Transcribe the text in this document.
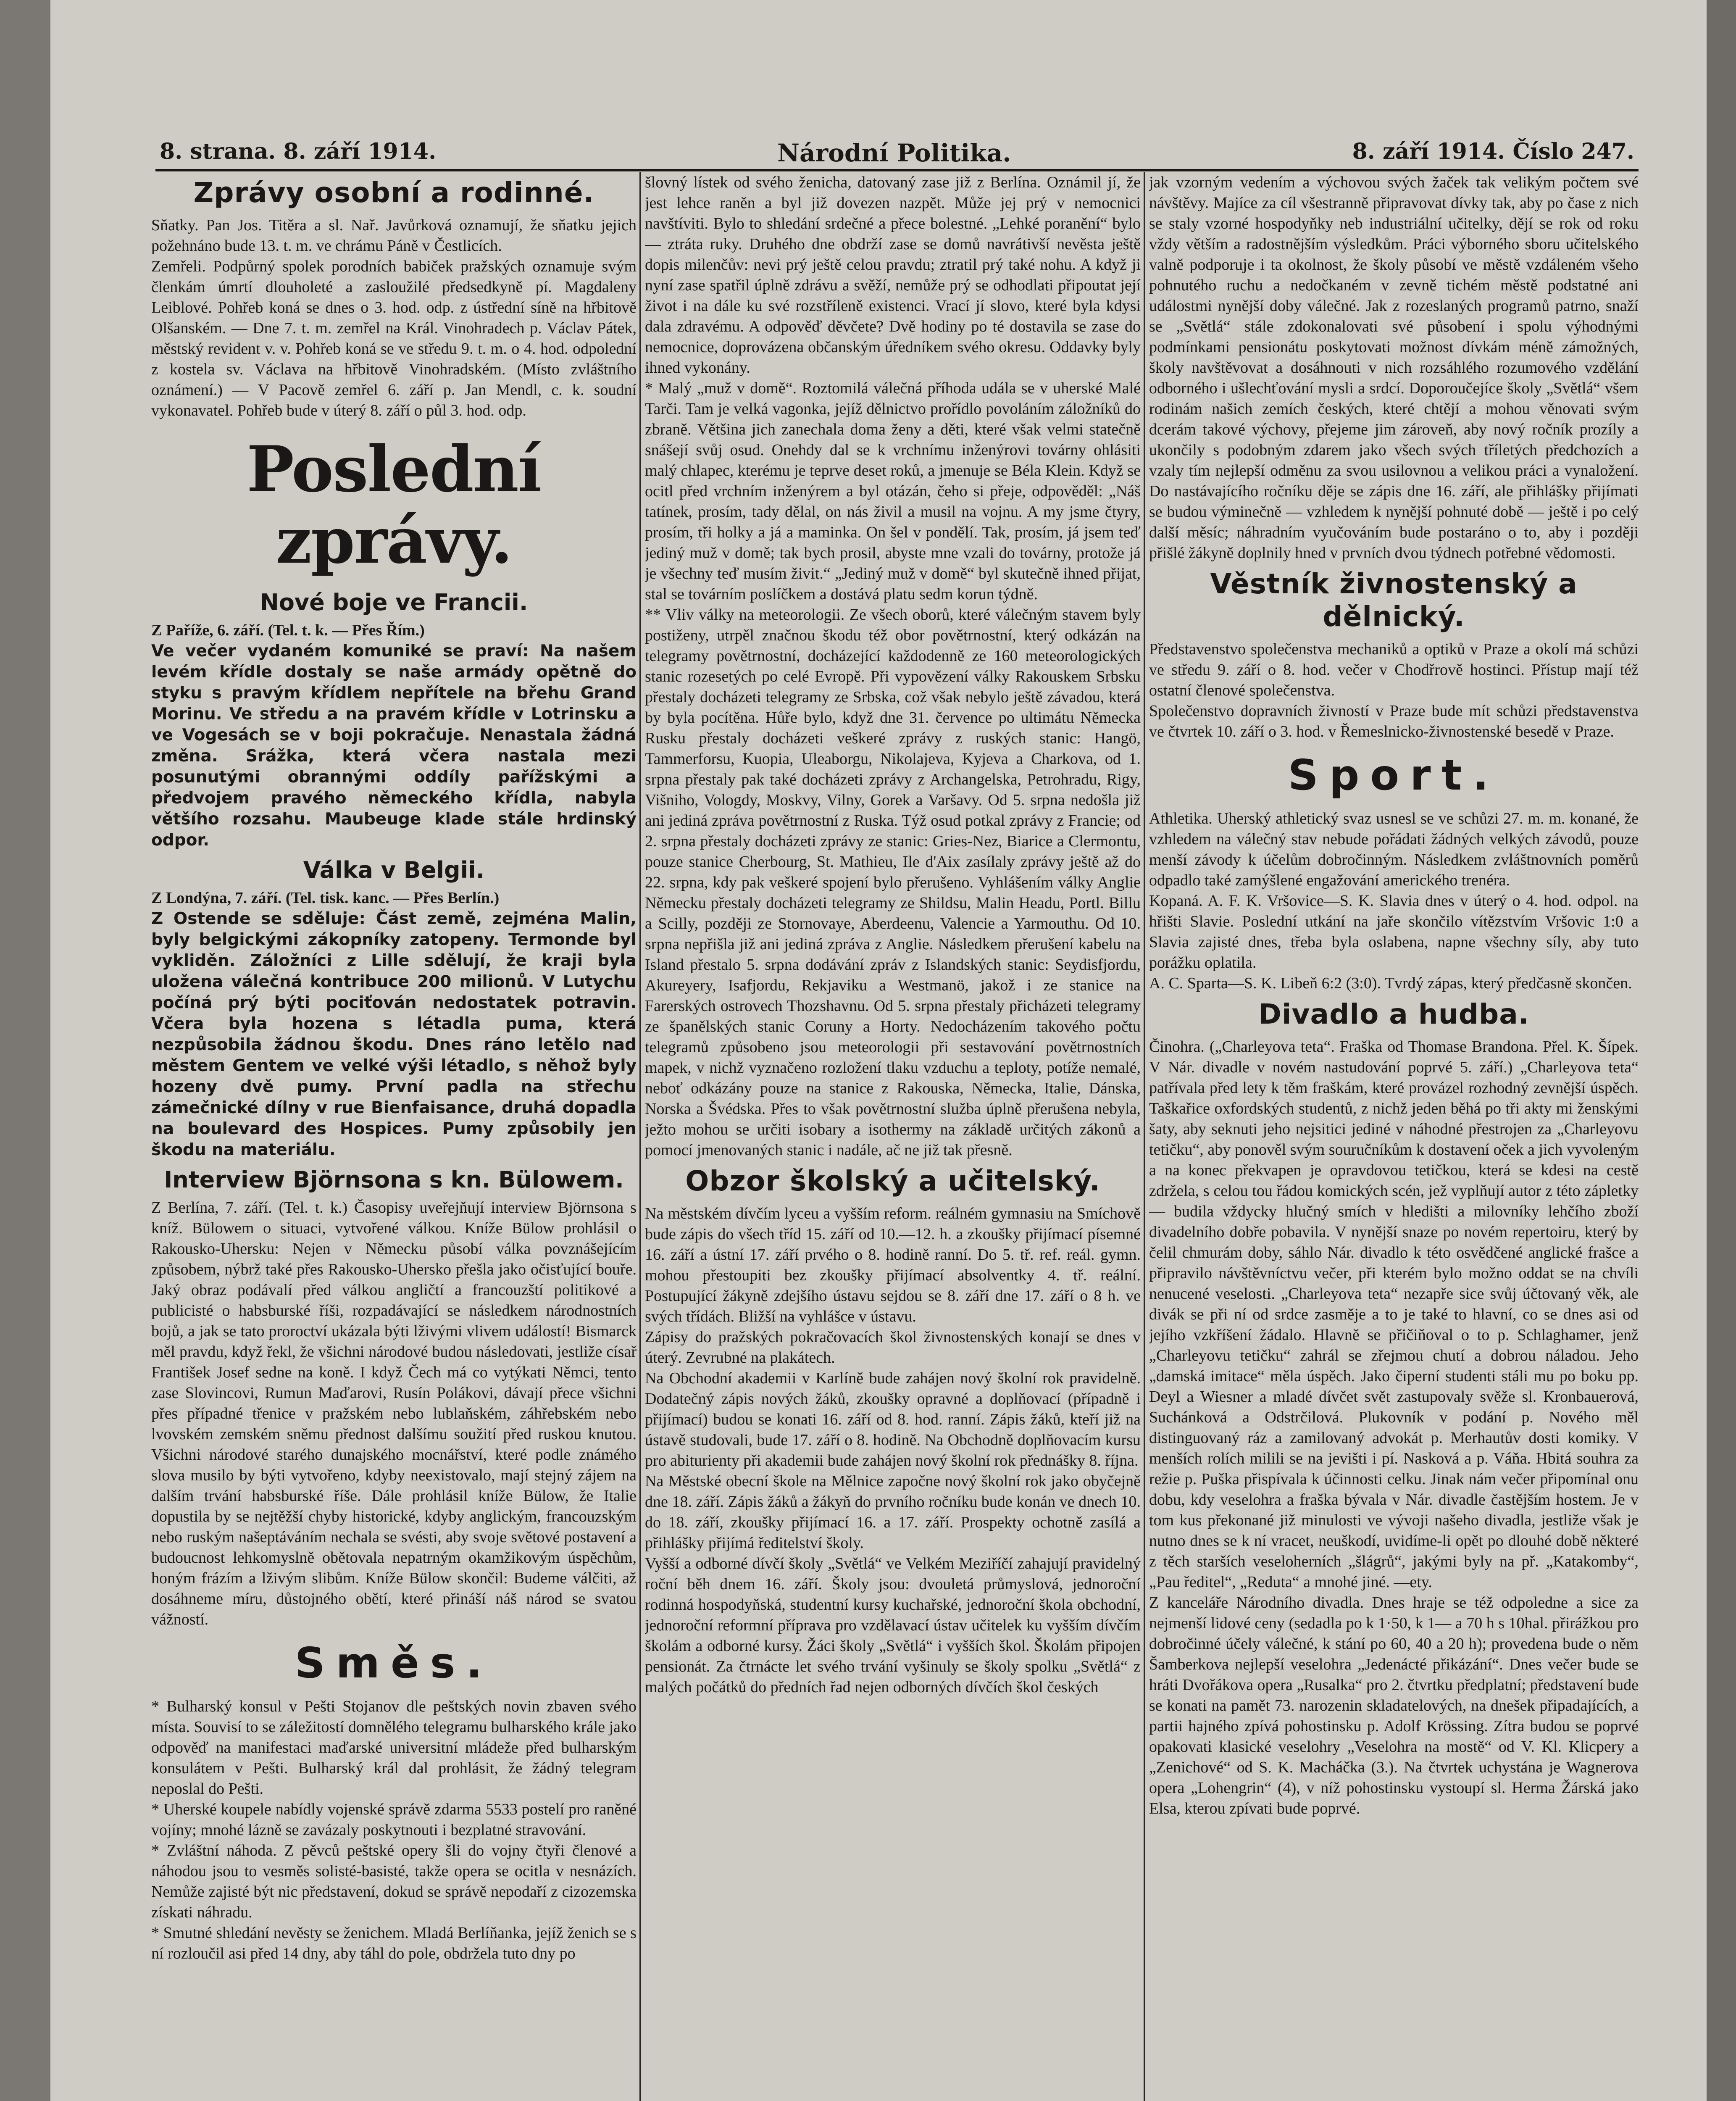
8. strana. 8. září 1914.	Národní Politika.	8. září 1914. Číslo 247.
Zprávy osobní a rodinné.

Sňatky. Pan Jos. Titěra a sl. Nař. Javůrková oznamují, že sňatku jejich požehnáno bude 13. t. m. ve chrámu Páně v Čestlicích.

Zemřeli. Podpůrný spolek porodních babiček pražských oznamuje svým členkám úmrtí dlouholeté a zasloužilé předsedkyně pí. Magdaleny Leiblové. Pohřeb koná se dnes o 3. hod. odp. z ústřední síně na hřbitově Olšanském. — Dne 7. t. m. zemřel na Král. Vinohradech p. Václav Pátek, městský revident v. v. Pohřeb koná se ve středu 9. t. m. o 4. hod. odpolední z kostela sv. Václava na hřbitově Vinohradském. (Místo zvláštního oznámení.) — V Pacově zemřel 6. září p. Jan Mendl, c. k. soudní vykonavatel. Pohřeb bude v úterý 8. září o půl 3. hod. odp.

Poslední zprávy.
Nové boje ve Francii.

Z Paříže, 6. září. (Tel. t. k. — Přes Řím.)

Ve večer vydaném komuniké se praví: Na našem levém křídle dostaly se naše armády opětně do styku s pravým křídlem nepřítele na břehu Grand Morinu. Ve středu a na pravém křídle v Lotrinsku a ve Vogesách se v boji pokračuje. Nenastala žádná změna. Srážka, která včera nastala mezi posunutými obrannými oddíly pařížskými a předvojem pravého německého křídla, nabyla většího rozsahu. Maubeuge klade stále hrdinský odpor.

Válka v Belgii.

Z Londýna, 7. září. (Tel. tisk. kanc. — Přes Berlín.)

Z Ostende se sděluje: Část země, zejména Malin, byly belgickými zákopníky zatopeny. Termonde byl vykliděn. Záložníci z Lille sdělují, že kraji byla uložena válečná kontribuce 200 milionů. V Lutychu počíná prý býti pociťován nedostatek potravin. Včera byla hozena s létadla puma, která nezpůsobila žádnou škodu. Dnes ráno letělo nad městem Gentem ve velké výši létadlo, s něhož byly hozeny dvě pumy. První padla na střechu zámečnické dílny v rue Bienfaisance, druhá dopadla na boulevard des Hospices. Pumy způsobily jen škodu na materiálu.

Interview Björnsona s kn. Bülowem.

Z Berlína, 7. září. (Tel. t. k.) Časopisy uveřejňují interview Björnsona s kníž. Bülowem o situaci, vytvořené válkou. Kníže Bülow prohlásil o Rakousko-Uhersku: Nejen v Německu působí válka povznášejícím způsobem, nýbrž také přes Rakousko-Uhersko přešla jako očisťující bouře. Jaký obraz podávalí před válkou angličtí a francouzští politikové a publicisté o habsburské říši, rozpadávající se následkem národnostních bojů, a jak se tato proroctví ukázala býti lživými vlivem událostí! Bismarck měl pravdu, když řekl, že všichni národové budou následovati, jestliže císař František Josef sedne na koně. I když Čech má co vytýkati Němci, tento zase Slovincovi, Rumun Maďarovi, Rusín Polákovi, dávají přece všichni přes případné třenice v pražském nebo lublaňském, záhřebském nebo lvovském zemském sněmu přednost dalšímu soužití před ruskou knutou. Všichni národové starého dunajského mocnářství, které podle známého slova musilo by býti vytvořeno, kdyby neexistovalo, mají stejný zájem na dalším trvání habsburské říše. Dále prohlásil kníže Bülow, že Italie dopustila by se nejtěžší chyby historické, kdyby anglickým, francouzským nebo ruským našeptáváním nechala se svésti, aby svoje světové postavení a budoucnost lehkomyslně obětovala nepatrným okamžikovým úspěchům, honým frázím a lživým slibům. Kníže Bülow skončil: Budeme válčiti, až dosáhneme míru, důstojného obětí, které přináší náš národ se svatou vážností.

Směs.

* Bulharský konsul v Pešti Stojanov dle peštských novin zbaven svého místa. Souvisí to se záležitostí domnělého telegramu bulharského krále jako odpověď na manifestaci maďarské universitní mládeže před bulharským konsulátem v Pešti. Bulharský král dal prohlásit, že žádný telegram neposlal do Pešti.

* Uherské koupele nabídly vojenské správě zdarma 5533 postelí pro raněné vojíny; mnohé lázně se zavázaly poskytnouti i bezplatné stravování.

* Zvláštní náhoda. Z pěvců peštské opery šli do vojny čtyři členové a náhodou jsou to vesměs solisté-basisté, takže opera se ocitla v nesnázích. Nemůže zajisté být nic představení, dokud se správě nepodaří z cizozemska získati náhradu.

* Smutné shledání nevěsty se ženichem. Mladá Berlíňanka, jejíž ženich se s ní rozloučil asi před 14 dny, aby táhl do pole, obdržela tuto dny po

šlovný lístek od svého ženicha, datovaný zase již z Berlína. Oznámil jí, že jest lehce raněn a byl již dovezen nazpět. Může jej prý v nemocnici navštíviti. Bylo to shledání srdečné a přece bolestné. „Lehké poranění“ bylo — ztráta ruky. Druhého dne obdrží zase se domů navrátivší nevěsta ještě dopis milenčův: nevi prý ještě celou pravdu; ztratil prý také nohu. A když ji nyní zase spatřil úplně zdrávu a svěží, nemůže prý se odhodlati připoutat její život i na dále ku své rozstříleně existenci. Vrací jí slovo, které byla kdysi dala zdravému. A odpověď děvčete? Dvě hodiny po té dostavila se zase do nemocnice, doprovázena občanským úředníkem svého okresu. Oddavky byly ihned vykonány.

* Malý „muž v domě“. Roztomilá válečná příhoda udála se v uherské Malé Tarči. Tam je velká vagonka, jejíž dělnictvo prořídlo povoláním záložníků do zbraně. Většina jich zanechala doma ženy a děti, které však velmi statečně snášejí svůj osud. Onehdy dal se k vrchnímu inženýrovi továrny ohlásiti malý chlapec, kterému je teprve deset roků, a jmenuje se Béla Klein. Když se ocitl před vrchním inženýrem a byl otázán, čeho si přeje, odpověděl: „Náš tatínek, prosím, tady dělal, on nás živil a musil na vojnu. A my jsme čtyry, prosím, tři holky a já a maminka. On šel v pondělí. Tak, prosím, já jsem teď jediný muž v domě; tak bych prosil, abyste mne vzali do továrny, protože já je všechny teď musím živit.“ „Jediný muž v domě“ byl skutečně ihned přijat, stal se továrním poslíčkem a dostává platu sedm korun týdně.

** Vliv války na meteorologii. Ze všech oborů, které válečným stavem byly postiženy, utrpěl značnou škodu též obor povětrnostní, který odkázán na telegramy povětrnostní, docházející každodenně ze 160 meteorologických stanic rozesetých po celé Evropě. Při vypovězení války Rakouskem Srbsku přestaly docházeti telegramy ze Srbska, což však nebylo ještě závadou, která by byla pocítěna. Hůře bylo, když dne 31. července po ultimátu Německa Rusku přestaly docházeti veškeré zprávy z ruských stanic: Hangö, Tammerforsu, Kuopia, Uleaborgu, Nikolajeva, Kyjeva a Charkova, od 1. srpna přestaly pak také docházeti zprávy z Archangelska, Petrohradu, Rigy, Višniho, Vologdy, Moskvy, Vilny, Gorek a Varšavy. Od 5. srpna nedošla již ani jediná zpráva povětrnostní z Ruska. Týž osud potkal zprávy z Francie; od 2. srpna přestaly docházeti zprávy ze stanic: Gries-Nez, Biarice a Clermontu, pouze stanice Cherbourg, St. Mathieu, Ile d'Aix zasílaly zprávy ještě až do 22. srpna, kdy pak veškeré spojení bylo přerušeno. Vyhlášením války Anglie Německu přestaly docházeti telegramy ze Shildsu, Malin Headu, Portl. Billu a Scilly, později ze Stornovaye, Aberdeenu, Valencie a Yarmouthu. Od 10. srpna nepřišla již ani jediná zpráva z Anglie. Následkem přerušení kabelu na Island přestalo 5. srpna dodávání zpráv z Islandských stanic: Seydisfjordu, Akureyery, Isafjordu, Rekjaviku a Westmanö, jakož i ze stanice na Farerských ostrovech Thozshavnu. Od 5. srpna přestaly přicházeti telegramy ze španělských stanic Coruny a Horty. Nedocházením takového počtu telegramů způsobeno jsou meteorologii při sestavování povětrnostních mapek, v nichž vyznačeno rozložení tlaku vzduchu a teploty, potíže nemalé, neboť odkázány pouze na stanice z Rakouska, Německa, Italie, Dánska, Norska a Švédska. Přes to však povětrnostní služba úplně přerušena nebyla, ježto mohou se určiti isobary a isothermy na základě určitých zákonů a pomocí jmenovaných stanic i nadále, ač ne již tak přesně.

Obzor školský a učitelský.

Na městském dívčím lyceu a vyšším reform. reálném gymnasiu na Smíchově bude zápis do všech tříd 15. září od 10.—12. h. a zkoušky přijímací písemné 16. září a ústní 17. září prvého o 8. hodině ranní. Do 5. tř. ref. reál. gymn. mohou přestoupiti bez zkoušky přijímací absolventky 4. tř. reální. Postupující žákyně zdejšího ústavu sejdou se 8. září dne 17. září o 8 h. ve svých třídách. Bližší na vyhlášce v ústavu.

Zápisy do pražských pokračovacích škol živnostenských konají se dnes v úterý. Zevrubné na plakátech.

Na Obchodní akademii v Karlíně bude zahájen nový školní rok pravidelně. Dodatečný zápis nových žáků, zkoušky opravné a doplňovací (případně i přijímací) budou se konati 16. září od 8. hod. ranní. Zápis žáků, kteří již na ústavě studovali, bude 17. září o 8. hodině. Na Obchodně doplňovacím kursu pro abiturienty při akademii bude zahájen nový školní rok přednášky 8. října.

Na Městské obecní škole na Mělnice započne nový školní rok jako obyčejně dne 18. září. Zápis žáků a žákyň do prvního ročníku bude konán ve dnech 10. do 18. září, zkoušky přijímací 16. a 17. září. Prospekty ochotně zasílá a přihlášky přijímá ředitelství školy.

Vyšší a odborné dívčí školy „Světlá“ ve Velkém Meziříčí zahajují pravidelný roční běh dnem 16. září. Školy jsou: dvouletá průmyslová, jednoroční rodinná hospodyňská, studentní kursy kuchařské, jednoroční škola obchodní, jednoroční reformní příprava pro vzdělavací ústav učitelek ku vyšším dívčím školám a odborné kursy. Žáci školy „Světlá“ i vyšších škol. Školám připojen pensionát. Za čtrnácte let svého trvání vyšinuly se školy spolku „Světlá“ z malých počátků do předních řad nejen odborných dívčích škol českých

jak vzorným vedením a výchovou svých žaček tak velikým počtem své návštěvy. Majíce za cíl všestranně připravovat dívky tak, aby po čase z nich se staly vzorné hospodyňky neb industriální učitelky, dějí se rok od roku vždy větším a radostnějším výsledkům. Práci výborného sboru učitelského valně podporuje i ta okolnost, že školy působí ve městě vzdáleném všeho pohnutého ruchu a nedočkaném v zevně tichém městě podstatné ani událostmi nynější doby válečné. Jak z rozeslaných programů patrno, snaží se „Světlá“ stále zdokonalovati své působení i spolu výhodnými podmínkami pensionátu poskytovati možnost dívkám méně zámožných, školy navštěvovat a dosáhnouti v nich rozsáhlého rozumového vzdělání odborného i ušlechťování mysli a srdcí. Doporoučejíce školy „Světlá“ všem rodinám našich zemích českých, které chtějí a mohou věnovati svým dcerám takové výchovy, přejeme jim zároveň, aby nový ročník prozíly a ukončily s podobným zdarem jako všech svých tříletých předchozích a vzaly tím nejlepší odměnu za svou usilovnou a velikou práci a vynaložení. Do nastávajícího ročníku děje se zápis dne 16. září, ale přihlášky přijímati se budou výminečně — vzhledem k nynější pohnuté době — ještě i po celý další měsíc; náhradním vyučováním bude postaráno o to, aby i později přišlé žákyně doplnily hned v prvních dvou týdnech potřebné vědomosti.

Věstník živnostenský a dělnický.

Představenstvo společenstva mechaniků a optiků v Praze a okolí má schůzi ve středu 9. září o 8. hod. večer v Chodřrově hostinci. Přístup mají též ostatní členové společenstva.

Společenstvo dopravních živností v Praze bude mít schůzi představenstva ve čtvrtek 10. září o 3. hod. v Řemeslnicko-živnostenské besedě v Praze.

Sport.

Athletika. Uherský athletický svaz usnesl se ve schůzi 27. m. m. konané, že vzhledem na válečný stav nebude pořádati žádných velkých závodů, pouze menší závody k účelům dobročinným. Následkem zvláštnovních poměrů odpadlo také zamýšlené engažování amerického trenéra.

Kopaná. A. F. K. Vršovice—S. K. Slavia dnes v úterý o 4. hod. odpol. na hřišti Slavie. Poslední utkání na jaře skončilo vítězstvím Vršovic 1:0 a Slavia zajisté dnes, třeba byla oslabena, napne všechny síly, aby tuto porážku oplatila.

A. C. Sparta—S. K. Libeň 6:2 (3:0). Tvrdý zápas, který předčasně skončen.

Divadlo a hudba.

Činohra. („Charleyova teta“. Fraška od Thomase Brandona. Přel. K. Šípek. V Nár. divadle v novém nastudování poprvé 5. září.) „Charleyova teta“ patřívala před lety k těm fraškám, které provázel rozhodný zevnější úspěch. Taškařice oxfordských studentů, z nichž jeden běhá po tři akty mi ženskými šaty, aby seknuti jeho nejsitici jediné v náhodné přestrojen za „Charleyovu tetičku“, aby ponověl svým souručníkům k dostavení oček a jich vyvoleným a na konec překvapen je opravdovou tetičkou, která se kdesi na cestě zdržela, s celou tou řádou komických scén, jež vyplňují autor z této zápletky — budila vždycky hlučný smích v hledišti a milovníky lehčího zboží divadelního dobře pobavila. V nynější snaze po novém repertoiru, který by čelil chmurám doby, sáhlo Nár. divadlo k této osvědčené anglické frašce a připravilo návštěvníctvu večer, při kterém bylo možno oddat se na chvíli nenucené veselosti. „Charleyova teta“ nezapře sice svůj účtovaný věk, ale divák se při ní od srdce zasměje a to je také to hlavní, co se dnes asi od jejího vzkříšení žádalo. Hlavně se přičiňoval o to p. Schlaghamer, jenž „Charleyovu tetičku“ zahrál se zřejmou chutí a dobrou náladou. Jeho „damská imitace“ měla úspěch. Jako čiperní studenti stáli mu po boku pp. Deyl a Wiesner a mladé dívčet svět zastupovaly svěže sl. Kronbauerová, Suchánková a Odstrčilová. Plukovník v podání p. Nového měl distinguovaný ráz a zamilovaný advokát p. Merhautův dosti komiky. V menších rolích milili se na jevišti i pí. Nasková a p. Váňa. Hbitá souhra za režie p. Puška přispívala k účinnosti celku. Jinak nám večer připomínal onu dobu, kdy veselohra a fraška bývala v Nár. divadle častějším hostem. Je v tom kus překonané již minulosti ve vývoji našeho divadla, jestliže však je nutno dnes se k ní vracet, neuškodí, uvidíme-li opět po dlouhé době některé z těch starších veseloherních „šlágrů“, jakými byly na př. „Katakomby“, „Pau ředitel“, „Reduta“ a mnohé jiné. —ety.

Z kanceláře Národního divadla. Dnes hraje se též odpoledne a sice za nejmenší lidové ceny (sedadla po k 1·50, k 1— a 70 h s 10hal. přirážkou pro dobročinné účely válečné, k stání po 60, 40 a 20 h); provedena bude o něm Šamberkova nejlepší veselohra „Jedenácté přikázání“. Dnes večer bude se hráti Dvořákova opera „Rusalka“ pro 2. čtvrtku předplatní; představení bude se konati na pamět 73. narozenin skladatelových, na dnešek připadajících, a partii hajného zpívá pohostinsku p. Adolf Krössing. Zítra budou se poprvé opakovati klasické veselohry „Veselohra na mostě“ od V. Kl. Klicpery a „Zenichové“ od S. K. Macháčka (3.). Na čtvrtek uchystána je Wagnerova opera „Lohengrin“ (4), v níž pohostinsku vystoupí sl. Herma Žárská jako Elsa, kterou zpívati bude poprvé.
